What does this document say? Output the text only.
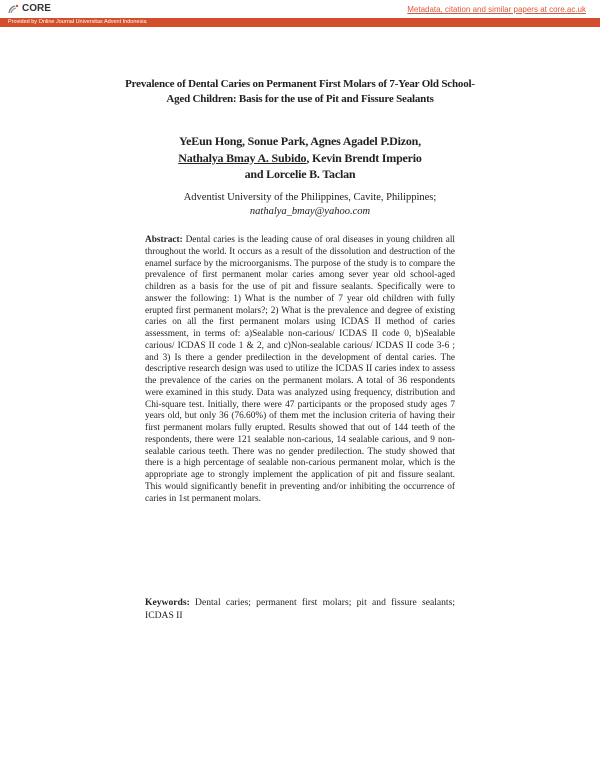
CORE	Metadata, citation and similar papers at core.ac.uk
Provided by Online Journal Universitas Advent Indonesia
Prevalence of Dental Caries on Permanent First Molars of 7-Year Old School-Aged Children: Basis for the use of Pit and Fissure Sealants
YeEun Hong, Sonue Park, Agnes Agadel P.Dizon,
Nathalya Bmay A. Subido, Kevin Brendt Imperio
and Lorcelie B. Taclan
Adventist University of the Philippines, Cavite, Philippines;
nathalya_bmay@yahoo.com
Abstract: Dental caries is the leading cause of oral diseases in young children all throughout the world. It occurs as a result of the dissolution and destruction of the enamel surface by the microorganisms. The purpose of the study is to compare the prevalence of first permanent molar caries among sever year old school-aged children as a basis for the use of pit and fissure sealants. Specifically were to answer the following: 1) What is the number of 7 year old children with fully erupted first permanent molars?; 2) What is the prevalence and degree of existing caries on all the first permanent molars using ICDAS II method of caries assessment, in terms of: a)Sealable non-carious/ ICDAS II code 0, b)Sealable carious/ ICDAS II code 1 & 2, and c)Non-sealable carious/ ICDAS II code 3-6 ; and 3) Is there a gender predilection in the development of dental caries. The descriptive research design was used to utilize the ICDAS II caries index to assess the prevalence of the caries on the permanent molars. A total of 36 respondents were examined in this study. Data was analyzed using frequency, distribution and Chi-square test. Initially, there were 47 participants or the proposed study ages 7 years old, but only 36 (76.60%) of them met the inclusion criteria of having their first permanent molars fully erupted. Results showed that out of 144 teeth of the respondents, there were 121 sealable non-carious, 14 sealable carious, and 9 non-sealable carious teeth. There was no gender predilection. The study showed that there is a high percentage of sealable non-carious permanent molar, which is the appropriate age to strongly implement the application of pit and fissure sealant. This would significantly benefit in preventing and/or inhibiting the occurrence of caries in 1st permanent molars.
Keywords: Dental caries; permanent first molars; pit and fissure sealants; ICDAS II
